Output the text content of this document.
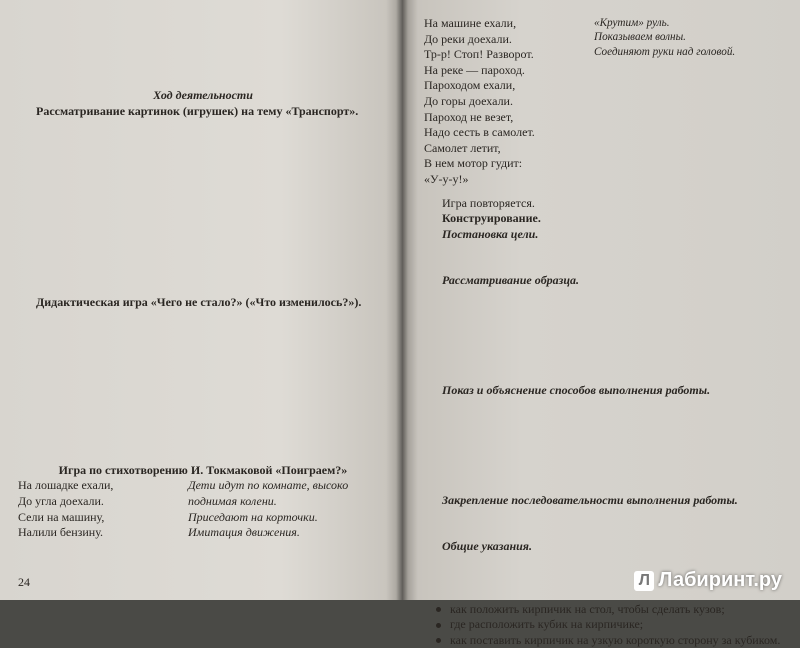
Ход деятельности
Рассматривание картинок (игрушек) на тему «Транспорт».
Дидактическая игра «Чего не стало?» («Что изменилось?»).
Игра по стихотворению И. Токмаковой «Поиграем?»
На лошадке ехали,
До угла доехали.
Сели на машину,
Налили бензину.
Дети идут по комнате, высоко
поднимая колени.
Приседают на корточки.
Имитация движения.
24
На машине ехали,
До реки доехали.
Тр-р! Стоп! Разворот.
На реке — пароход.
Пароходом ехали,
До горы доехали.
Пароход не везет,
Надо сесть в самолет.
Самолет летит,
В нем мотор гудит:
«У-у-у!»
«Крутим» руль.
Показываем волны.
Соединяют руки над головой.
Игра повторяется.
Конструирование.
Постановка цели.
Рассматривание образца.
Показ и объяснение способов выполнения работы.
Закрепление последовательности выполнения работы.
Общие указания.
как положить кирпичик на стол, чтобы сделать кузов;
где расположить кубик на кирпичике;
как поставить кирпичик на узкую короткую сторону за кубиком.
Л Лабиринт.ру
